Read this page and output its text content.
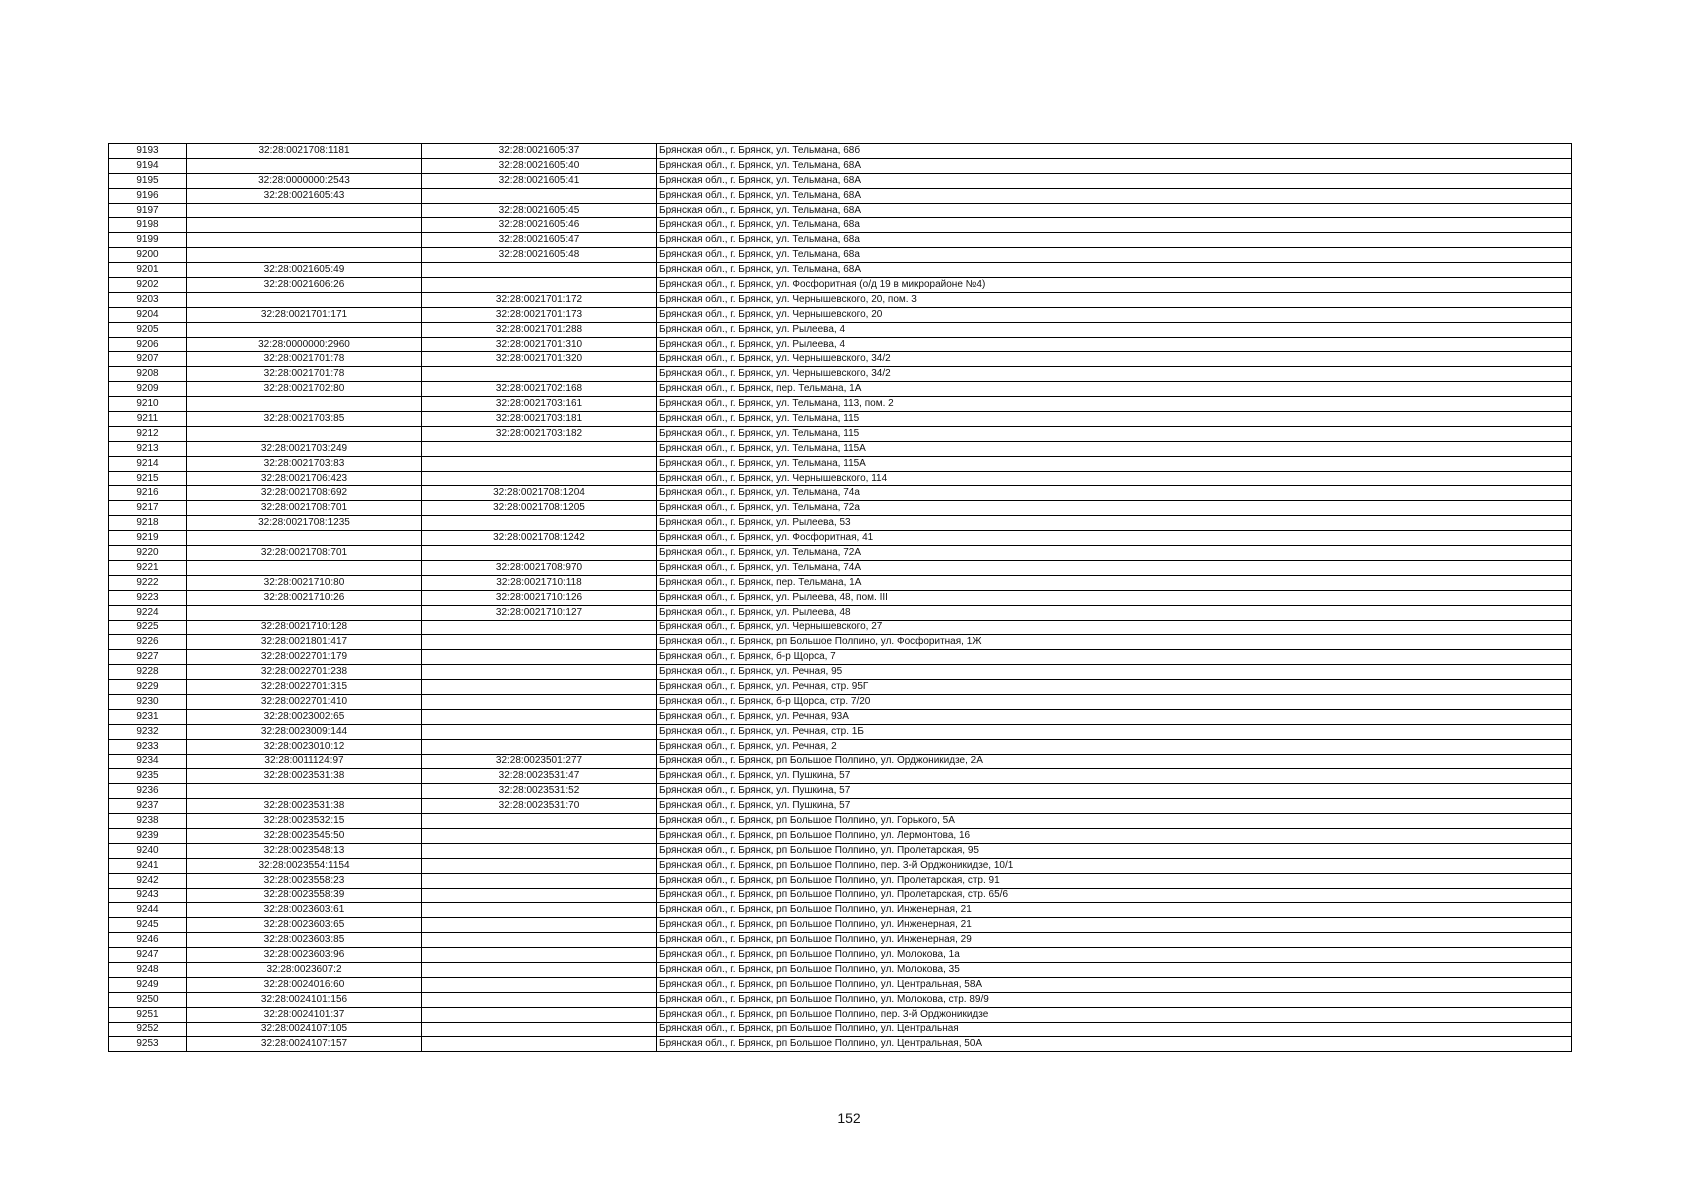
9193	32:28:0021708:1181	32:28:0021605:37	Брянская обл., г. Брянск, ул. Тельмана, 68б
9194		32:28:0021605:40	Брянская обл., г. Брянск, ул. Тельмана, 68А
9195	32:28:0000000:2543	32:28:0021605:41	Брянская обл., г. Брянск, ул. Тельмана, 68А
9196	32:28:0021605:43		Брянская обл., г. Брянск, ул. Тельмана, 68А
9197		32:28:0021605:45	Брянская обл., г. Брянск, ул. Тельмана, 68А
9198		32:28:0021605:46	Брянская обл., г. Брянск, ул. Тельмана, 68а
9199		32:28:0021605:47	Брянская обл., г. Брянск, ул. Тельмана, 68а
9200		32:28:0021605:48	Брянская обл., г. Брянск, ул. Тельмана, 68а
9201	32:28:0021605:49		Брянская обл., г. Брянск, ул. Тельмана, 68А
9202	32:28:0021606:26		Брянская обл., г. Брянск, ул. Фосфоритная (о/д 19 в микрорайоне №4)
9203		32:28:0021701:172	Брянская обл., г. Брянск, ул. Чернышевского, 20, пом. 3
9204	32:28:0021701:171	32:28:0021701:173	Брянская обл., г. Брянск, ул. Чернышевского, 20
9205		32:28:0021701:288	Брянская обл., г. Брянск, ул. Рылеева, 4
9206	32:28:0000000:2960	32:28:0021701:310	Брянская обл., г. Брянск, ул. Рылеева, 4
9207	32:28:0021701:78	32:28:0021701:320	Брянская обл., г. Брянск, ул. Чернышевского, 34/2
9208	32:28:0021701:78		Брянская обл., г. Брянск, ул. Чернышевского, 34/2
9209	32:28:0021702:80	32:28:0021702:168	Брянская обл., г. Брянск, пер. Тельмана, 1А
9210		32:28:0021703:161	Брянская обл., г. Брянск, ул. Тельмана, 113, пом. 2
9211	32:28:0021703:85	32:28:0021703:181	Брянская обл., г. Брянск, ул. Тельмана, 115
9212		32:28:0021703:182	Брянская обл., г. Брянск, ул. Тельмана, 115
9213	32:28:0021703:249		Брянская обл., г. Брянск, ул. Тельмана, 115А
9214	32:28:0021703:83		Брянская обл., г. Брянск, ул. Тельмана, 115А
9215	32:28:0021706:423		Брянская обл., г. Брянск, ул. Чернышевского, 114
9216	32:28:0021708:692	32:28:0021708:1204	Брянская обл., г. Брянск, ул. Тельмана, 74а
9217	32:28:0021708:701	32:28:0021708:1205	Брянская обл., г. Брянск, ул. Тельмана, 72а
9218	32:28:0021708:1235		Брянская обл., г. Брянск, ул. Рылеева, 53
9219		32:28:0021708:1242	Брянская обл., г. Брянск, ул. Фосфоритная, 41
9220	32:28:0021708:701		Брянская обл., г. Брянск, ул. Тельмана, 72А
9221		32:28:0021708:970	Брянская обл., г. Брянск, ул. Тельмана, 74А
9222	32:28:0021710:80	32:28:0021710:118	Брянская обл., г. Брянск, пер. Тельмана, 1А
9223	32:28:0021710:26	32:28:0021710:126	Брянская обл., г. Брянск, ул. Рылеева, 48, пом. III
9224		32:28:0021710:127	Брянская обл., г. Брянск, ул. Рылеева, 48
9225	32:28:0021710:128		Брянская обл., г. Брянск, ул. Чернышевского, 27
9226	32:28:0021801:417		Брянская обл., г. Брянск, рп Большое Полпино, ул. Фосфоритная, 1Ж
9227	32:28:0022701:179		Брянская обл., г. Брянск, б-р Щорса, 7
9228	32:28:0022701:238		Брянская обл., г. Брянск, ул. Речная, 95
9229	32:28:0022701:315		Брянская обл., г. Брянск, ул. Речная, стр. 95Г
9230	32:28:0022701:410		Брянская обл., г. Брянск, б-р Щорса, стр. 7/20
9231	32:28:0023002:65		Брянская обл., г. Брянск, ул. Речная, 93А
9232	32:28:0023009:144		Брянская обл., г. Брянск, ул. Речная, стр. 1Б
9233	32:28:0023010:12		Брянская обл., г. Брянск, ул. Речная, 2
9234	32:28:0011124:97	32:28:0023501:277	Брянская обл., г. Брянск, рп Большое Полпино, ул. Орджоникидзе, 2А
9235	32:28:0023531:38	32:28:0023531:47	Брянская обл., г. Брянск, ул. Пушкина, 57
9236		32:28:0023531:52	Брянская обл., г. Брянск, ул. Пушкина, 57
9237	32:28:0023531:38	32:28:0023531:70	Брянская обл., г. Брянск, ул. Пушкина, 57
9238	32:28:0023532:15		Брянская обл., г. Брянск, рп Большое Полпино, ул. Горького, 5А
9239	32:28:0023545:50		Брянская обл., г. Брянск, рп Большое Полпино, ул. Лермонтова, 16
9240	32:28:0023548:13		Брянская обл., г. Брянск, рп Большое Полпино, ул. Пролетарская, 95
9241	32:28:0023554:1154		Брянская обл., г. Брянск, рп Большое Полпино, пер. 3-й Орджоникидзе, 10/1
9242	32:28:0023558:23		Брянская обл., г. Брянск, рп Большое Полпино, ул. Пролетарская, стр. 91
9243	32:28:0023558:39		Брянская обл., г. Брянск, рп Большое Полпино, ул. Пролетарская, стр. 65/6
9244	32:28:0023603:61		Брянская обл., г. Брянск, рп Большое Полпино, ул. Инженерная, 21
9245	32:28:0023603:65		Брянская обл., г. Брянск, рп Большое Полпино, ул. Инженерная, 21
9246	32:28:0023603:85		Брянская обл., г. Брянск, рп Большое Полпино, ул. Инженерная, 29
9247	32:28:0023603:96		Брянская обл., г. Брянск, рп Большое Полпино, ул. Молокова, 1а
9248	32:28:0023607:2		Брянская обл., г. Брянск, рп Большое Полпино, ул. Молокова, 35
9249	32:28:0024016:60		Брянская обл., г. Брянск, рп Большое Полпино, ул. Центральная, 58А
9250	32:28:0024101:156		Брянская обл., г. Брянск, рп Большое Полпино, ул. Молокова, стр. 89/9
9251	32:28:0024101:37		Брянская обл., г. Брянск, рп Большое Полпино, пер. 3-й Орджоникидзе
9252	32:28:0024107:105		Брянская обл., г. Брянск, рп Большое Полпино, ул. Центральная
9253	32:28:0024107:157		Брянская обл., г. Брянск, рп Большое Полпино, ул. Центральная, 50А
152
